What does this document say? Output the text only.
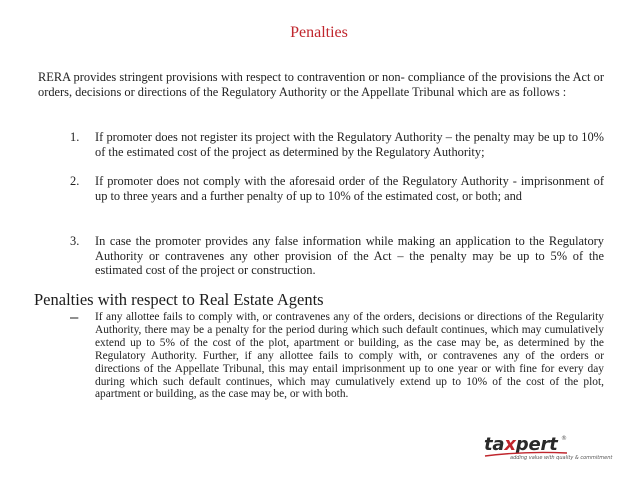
Penalties

RERA provides stringent provisions with respect to contravention or non- compliance of the provisions the Act or orders, decisions or directions of the Regulatory Authority or the Appellate Tribunal which are as follows :

1. If promoter does not register its project with the Regulatory Authority – the penalty may be up to 10% of the estimated cost of the project as determined by the Regulatory Authority;
2. If promoter does not comply with the aforesaid order of the Regulatory Authority - imprisonment of up to three years and a further penalty of up to 10% of the estimated cost, or both; and
3. In case the promoter provides any false information while making an application to the Regulatory Authority or contravenes any other provision of the Act – the penalty may be up to 5% of the estimated cost of the project or construction.
Penalties with respect to Real Estate Agents
– If any allottee fails to comply with, or contravenes any of the orders, decisions or directions of the Regularity Authority, there may be a penalty for the period during which such default continues, which may cumulatively extend up to 5% of the cost of the plot, apartment or building, as the case may be, as determined by the Regulatory Authority. Further, if any allottee fails to comply with, or contravenes any of the orders or directions of the Appellate Tribunal, this may entail imprisonment up to one year or with fine for every day during which such default continues, which may cumulatively extend up to 10% of the cost of the plot, apartment or building, as the case may be, or with both.
taxpert ®
adding value with quality & commitment
